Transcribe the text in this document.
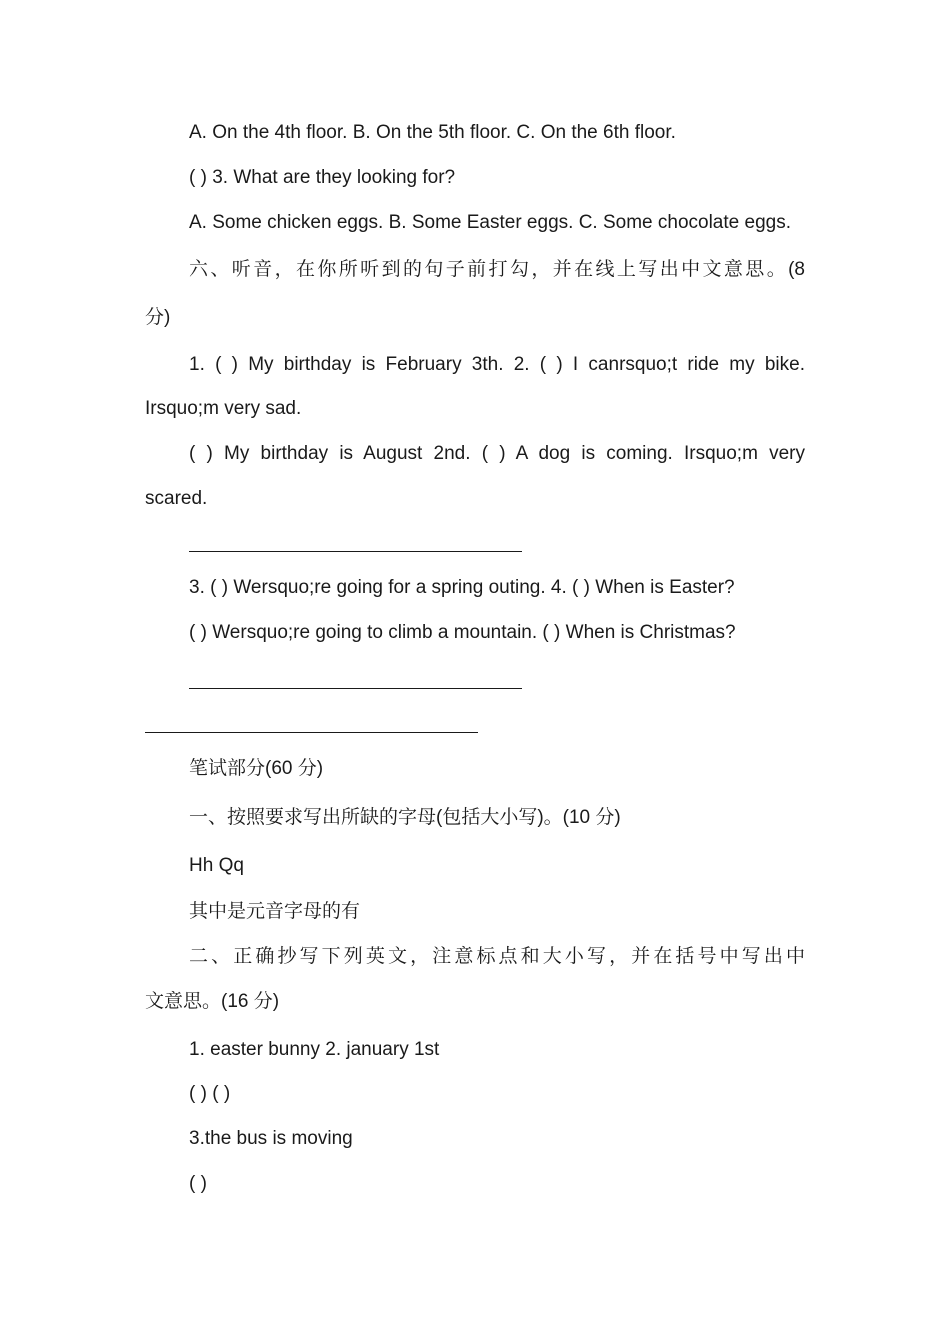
A. On the 4th floor. B. On the 5th floor. C. On the 6th floor.
( ) 3. What are they looking for?
A. Some chicken eggs. B. Some Easter eggs. C. Some chocolate eggs.
六、听音，在你所听到的句子前打勾，并在线上写出中文意思。(8
分)
1. ( ) My birthday is February 3th. 2. ( ) I canrsquo;t ride my bike.
Irsquo;m very sad.
( ) My birthday is August 2nd. ( ) A dog is coming. Irsquo;m very
scared.
3. ( ) Wersquo;re going for a spring outing. 4. ( ) When is Easter?
( ) Wersquo;re going to climb a mountain. ( ) When is Christmas?
笔试部分(60 分)
一、按照要求写出所缺的字母(包括大小写)。(10 分)
Hh Qq
其中是元音字母的有
二、正确抄写下列英文，注意标点和大小写，并在括号中写出中
文意思。(16 分)
1. easter bunny 2. january 1st
( ) ( )
3.the bus is moving
( )
